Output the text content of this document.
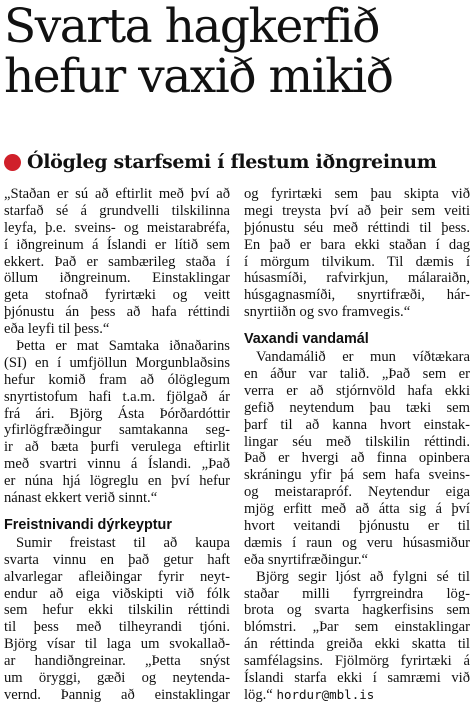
Svarta hagkerfið
hefur vaxið mikið
Ólögleg starfsemi í flestum iðngreinum
„Staðan er sú að eftirlit með því að
starfað sé á grundvelli tilskilinna
leyfa, þ.e. sveins- og meistarabréfa,
í iðngreinum á Íslandi er lítið sem
ekkert. Það er sambærileg staða í
öllum iðngreinum. Einstaklingar
geta stofnað fyrirtæki og veitt
þjónustu án þess að hafa réttindi
eða leyfi til þess.“
Þetta er mat Samtaka iðnaðarins
(SI) en í umfjöllun Morgunblaðsins
hefur komið fram að ólöglegum
snyrtistofum hafi t.a.m. fjölgað ár
frá ári. Björg Ásta Þórðardóttir
yfirlögfræðingur samtakanna seg-
ir að bæta þurfi verulega eftirlit
með svartri vinnu á Íslandi. „Það
er núna hjá lögreglu en því hefur
nánast ekkert verið sinnt.“
Freistnivandi dýrkeyptur
Sumir freistast til að kaupa
svarta vinnu en það getur haft
alvarlegar afleiðingar fyrir neyt-
endur að eiga viðskipti við fólk
sem hefur ekki tilskilin réttindi
til þess með tilheyrandi tjóni.
Björg vísar til laga um svokallað-
ar handiðngreinar. „Þetta snýst
um öryggi, gæði og neytenda-
vernd. Þannig að einstaklingar
og fyrirtæki sem þau skipta við
megi treysta því að þeir sem veiti
þjónustu séu með réttindi til þess.
En það er bara ekki staðan í dag
í mörgum tilvikum. Til dæmis í
húsasmíði, rafvirkjun, málaraiðn,
húsgagnasmíði, snyrtifræði, hár-
snyrtiiðn og svo framvegis.“
Vaxandi vandamál
Vandamálið er mun víðtækara
en áður var talið. „Það sem er
verra er að stjórnvöld hafa ekki
gefið neytendum þau tæki sem
þarf til að kanna hvort einstak-
lingar séu með tilskilin réttindi.
Það er hvergi að finna opinbera
skráningu yfir þá sem hafa sveins-
og meistarapróf. Neytendur eiga
mjög erfitt með að átta sig á því
hvort veitandi þjónustu er til
dæmis í raun og veru húsasmiður
eða snyrtifræðingur.“
Björg segir ljóst að fylgni sé til
staðar milli fyrrgreindra lög-
brota og svarta hagkerfisins sem
blómstri. „Þar sem einstaklingar
án réttinda greiða ekki skatta til
samfélagsins. Fjölmörg fyrirtæki á
Íslandi starfa ekki í samræmi við
lög.“ hordur@mbl.is
